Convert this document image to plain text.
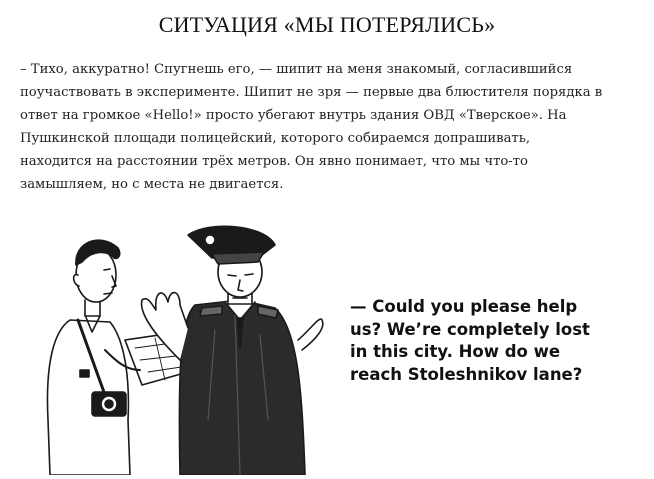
СИТУАЦИЯ «МЫ ПОТЕРЯЛИСЬ»

– Тихо, аккуратно! Спугнешь его, — шипит на меня знакомый, согласившийся

поучаствовать в эксперименте. Шипит не зря — первые два блюстителя порядка в

ответ на громкое «Hello!» просто убегают внутрь здания ОВД «Тверское». На

Пушкинской площади полицейский, которого собираемся допрашивать,

находится на расстоянии трёх метров. Он явно понимает, что мы что-то

замышляем, но с места не двигается.

— Could you please help

us? We’re completely lost

in this city. How do we

reach Stoleshnikov lane?
